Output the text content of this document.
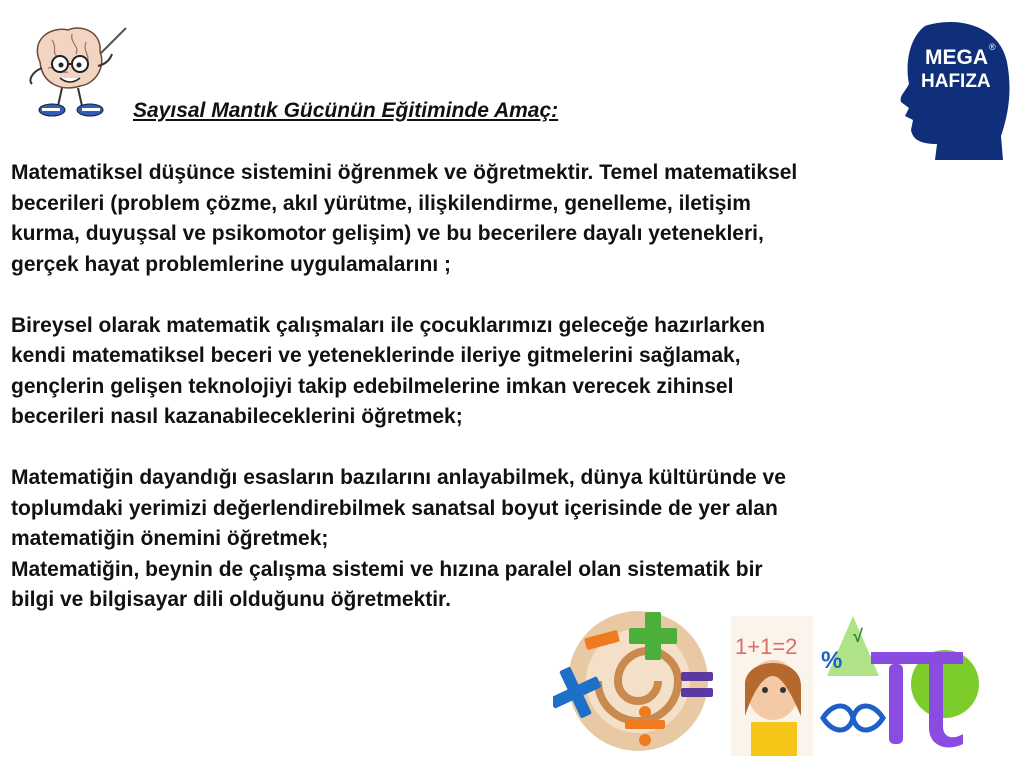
MEGA ®
HAFIZA
Sayısal Mantık Gücünün Eğitiminde Amaç:

Matematiksel düşünce sistemini öğrenmek ve öğretmektir. Temel matematiksel
becerileri (problem çözme, akıl yürütme, ilişkilendirme, genelleme, iletişim
kurma, duyuşsal ve psikomotor gelişim) ve bu becerilere dayalı yetenekleri,
gerçek hayat problemlerine uygulamalarını ;

Bireysel olarak matematik çalışmaları ile çocuklarımızı geleceğe hazırlarken
kendi matematiksel beceri ve yeteneklerinde ileriye gitmelerini sağlamak,
gençlerin gelişen teknolojiyi takip edebilmelerine imkan verecek zihinsel
becerileri nasıl kazanabileceklerini öğretmek;

Matematiğin dayandığı esasların bazılarını anlayabilmek, dünya kültüründe ve
toplumdaki yerimizi değerlendirebilmek sanatsal boyut içerisinde de yer alan
matematiğin önemini öğretmek;

Matematiğin, beynin de çalışma sistemi ve hızına paralel olan sistematik bir
bilgi ve bilgisayar dili olduğunu öğretmektir.

1+1=2
%
√
